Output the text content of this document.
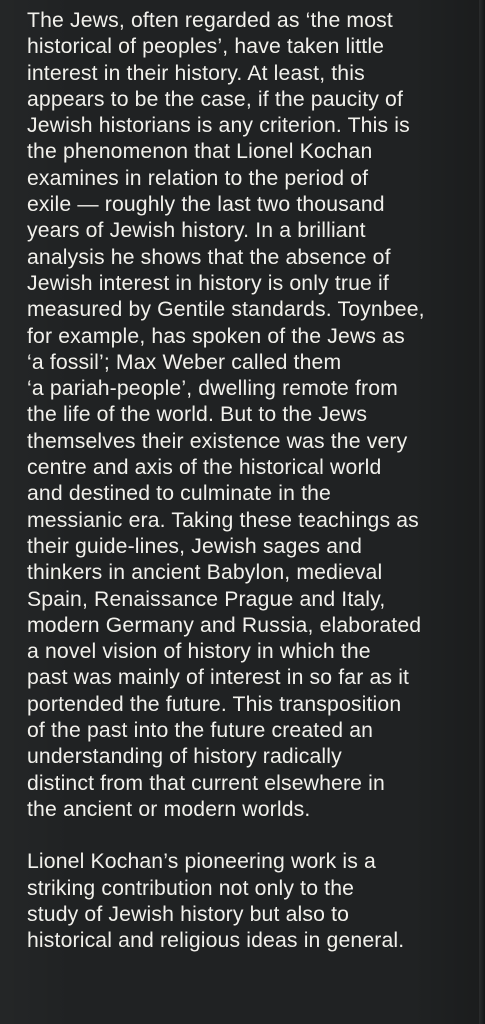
The Jews, often regarded as ‘the most
historical of peoples’, have taken little
interest in their history. At least, this
appears to be the case, if the paucity of
Jewish historians is any criterion. This is
the phenomenon that Lionel Kochan
examines in relation to the period of
exile — roughly the last two thousand
years of Jewish history. In a brilliant
analysis he shows that the absence of
Jewish interest in history is only true if
measured by Gentile standards. Toynbee,
for example, has spoken of the Jews as
‘a fossil’; Max Weber called them
‘a pariah-people’, dwelling remote from
the life of the world. But to the Jews
themselves their existence was the very
centre and axis of the historical world
and destined to culminate in the
messianic era. Taking these teachings as
their guide-lines, Jewish sages and
thinkers in ancient Babylon, medieval
Spain, Renaissance Prague and Italy,
modern Germany and Russia, elaborated
a novel vision of history in which the
past was mainly of interest in so far as it
portended the future. This transposition
of the past into the future created an
understanding of history radically
distinct from that current elsewhere in
the ancient or modern worlds.
Lionel Kochan’s pioneering work is a
striking contribution not only to the
study of Jewish history but also to
historical and religious ideas in general.
